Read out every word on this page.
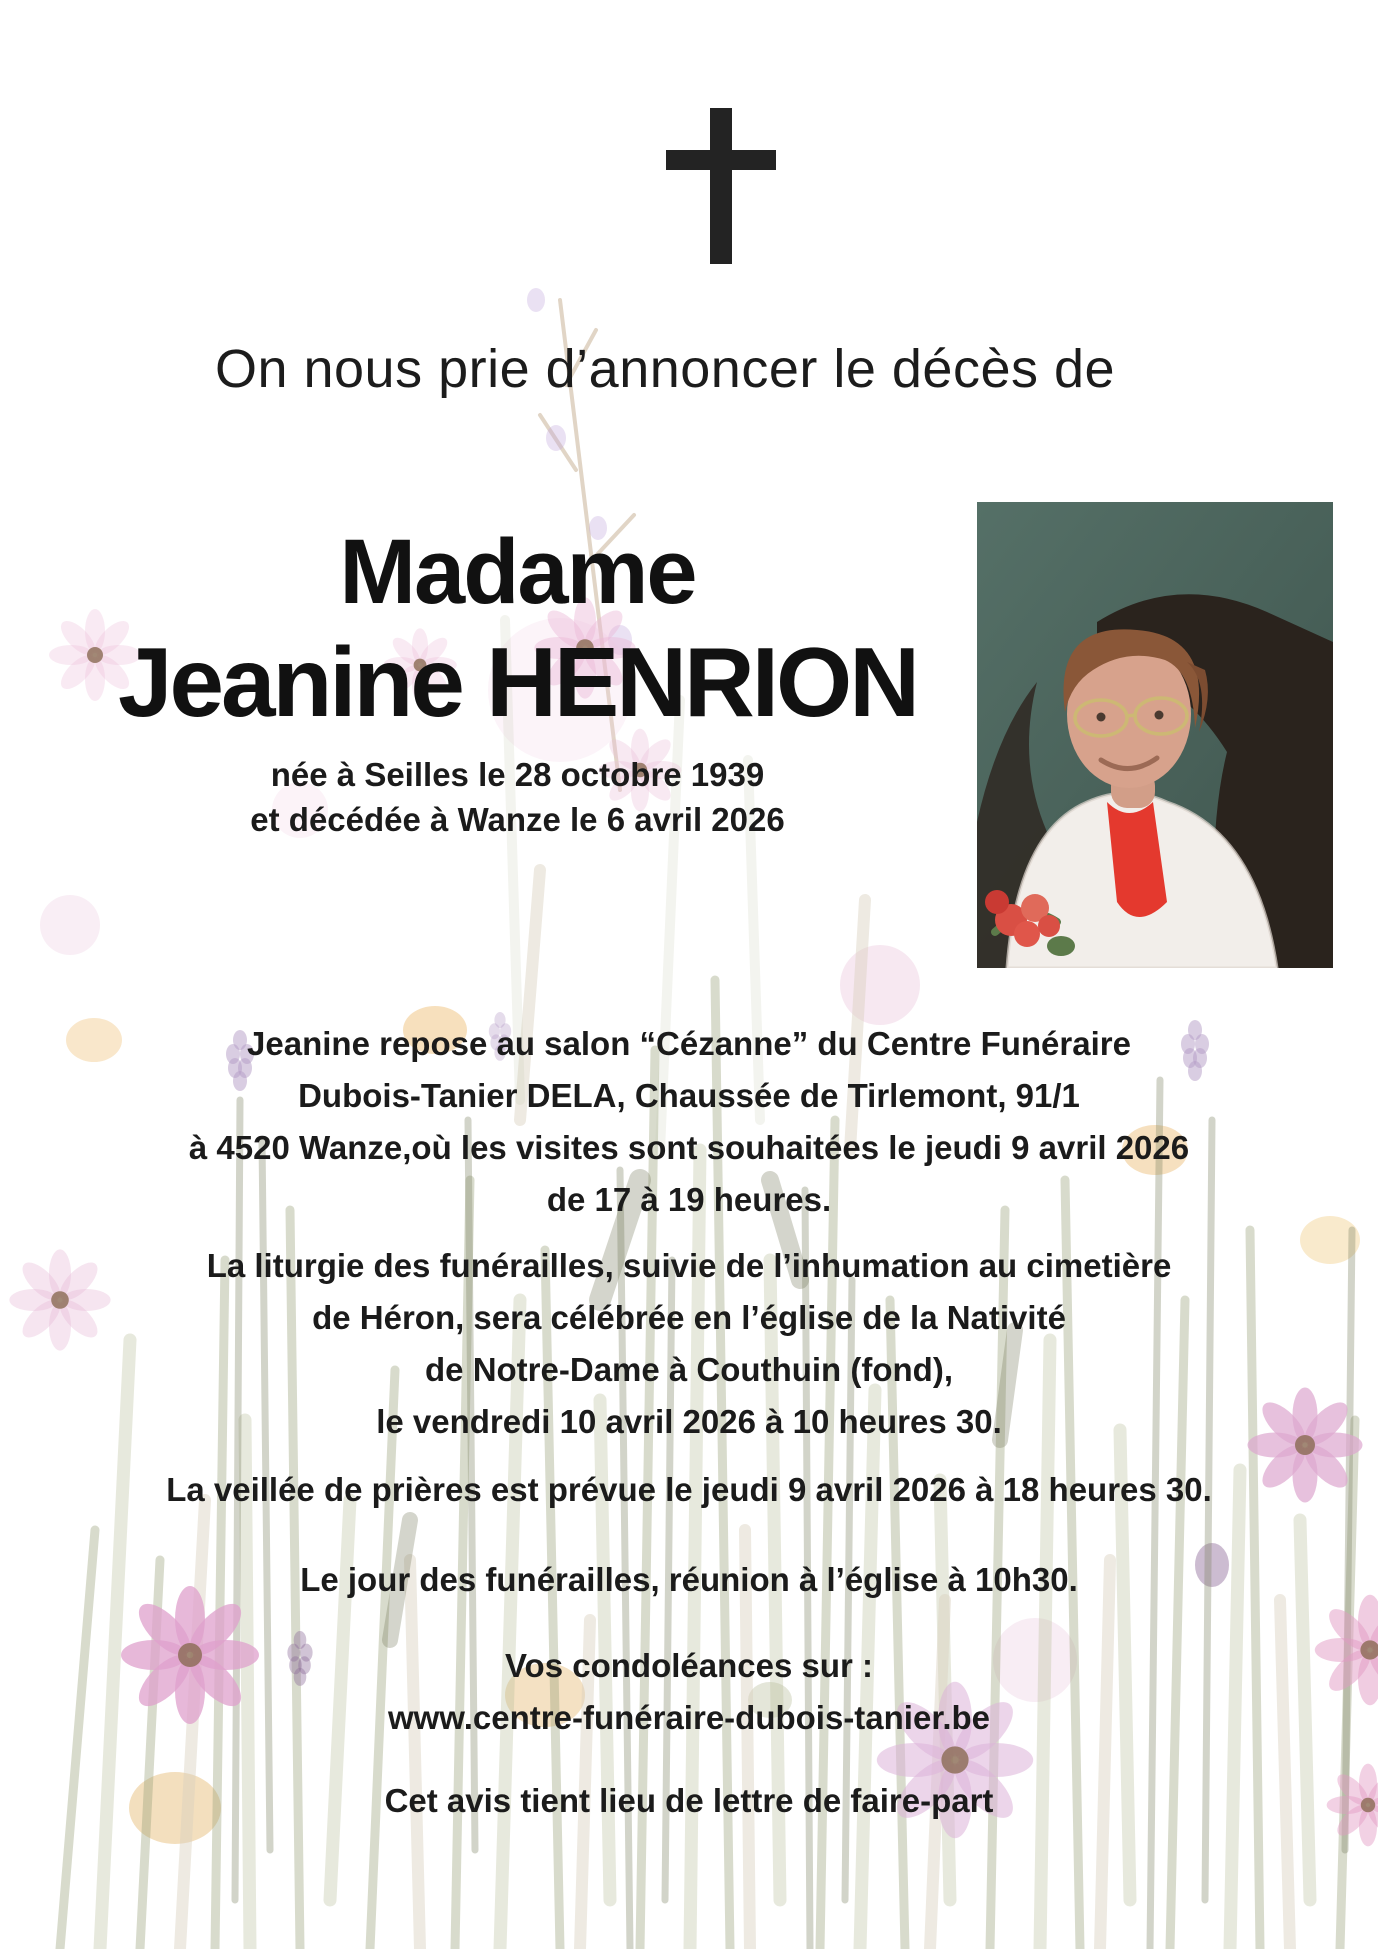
On nous prie d’annoncer le décès de
Madame
Jeanine HENRION
née à Seilles le 28 octobre 1939
et décédée à Wanze le 6 avril 2026
Jeanine repose au salon “Cézanne” du Centre Funéraire
Dubois-Tanier DELA, Chaussée de Tirlemont, 91/1
à 4520 Wanze,où les visites sont souhaitées le jeudi 9 avril 2026
de 17 à 19 heures.
La liturgie des funérailles, suivie de l’inhumation au cimetière
de Héron, sera célébrée en l’église de la Nativité
de Notre-Dame à Couthuin (fond),
le vendredi 10 avril 2026 à 10 heures 30.
La veillée de prières est prévue le jeudi 9 avril 2026 à 18 heures 30.
Le jour des funérailles, réunion à l’église à 10h30.
Vos condoléances sur :
www.centre-funéraire-dubois-tanier.be
Cet avis tient lieu de lettre de faire-part
